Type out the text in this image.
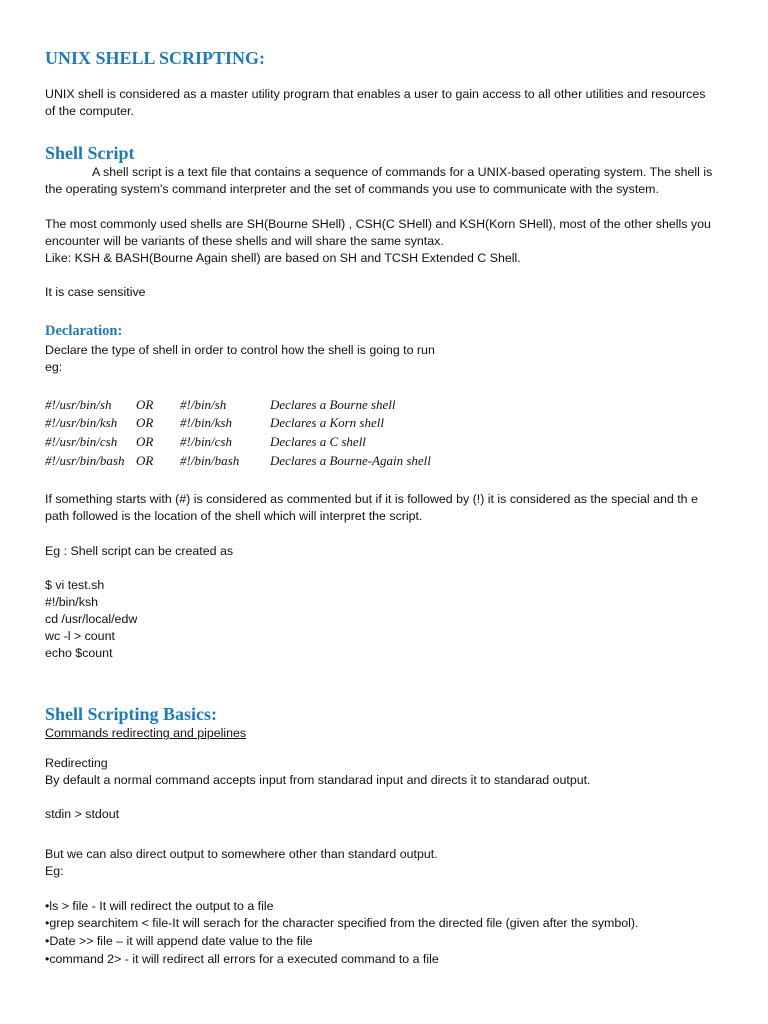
UNIX SHELL SCRIPTING:
UNIX shell is considered as a master utility program that enables a user to gain access to all other utilities and resources
of the computer.
Shell Script
A shell script is a text file that contains a sequence of commands for a UNIX-based operating system. The shell is
the operating system's command interpreter and the set of commands you use to communicate with the system.
The most commonly used shells are SH(Bourne SHell) , CSH(C SHell) and KSH(Korn SHell), most of the other shells you
encounter will be variants of these shells and will share the same syntax.
Like: KSH & BASH(Bourne Again shell) are based on SH and TCSH Extended C Shell.
It is case sensitive
Declaration:
Declare the type of shell in order to control how the shell is going to run
eg:
#!/usr/bin/sh OR #!/bin/sh	Declares a Bourne shell
#!/usr/bin/ksh OR #!/bin/ksh	Declares a Korn shell
#!/usr/bin/csh OR #!/bin/csh	Declares a C shell
#!/usr/bin/bash OR #!/bin/bash Declares a Bourne-Again shell
If something starts with (#) is considered as commented but if it is followed by (!) it is considered as the special and th e
path followed is the location of the shell which will interpret the script.
Eg : Shell script can be created as
$ vi test.sh
#!/bin/ksh
cd /usr/local/edw
wc -l > count
echo $count
Shell Scripting Basics:
Commands redirecting and pipelines
Redirecting
By default a normal command accepts input from standarad input and directs it to standarad output.
stdin > stdout
But we can also direct output to somewhere other than standard output.
Eg:
•ls > file - It will redirect the output to a file
•grep searchitem < file-It will serach for the character specified from the directed file (given after the symbol).
•Date >> file – it will append date value to the file
•command 2> - it will redirect all errors for a executed command to a file
